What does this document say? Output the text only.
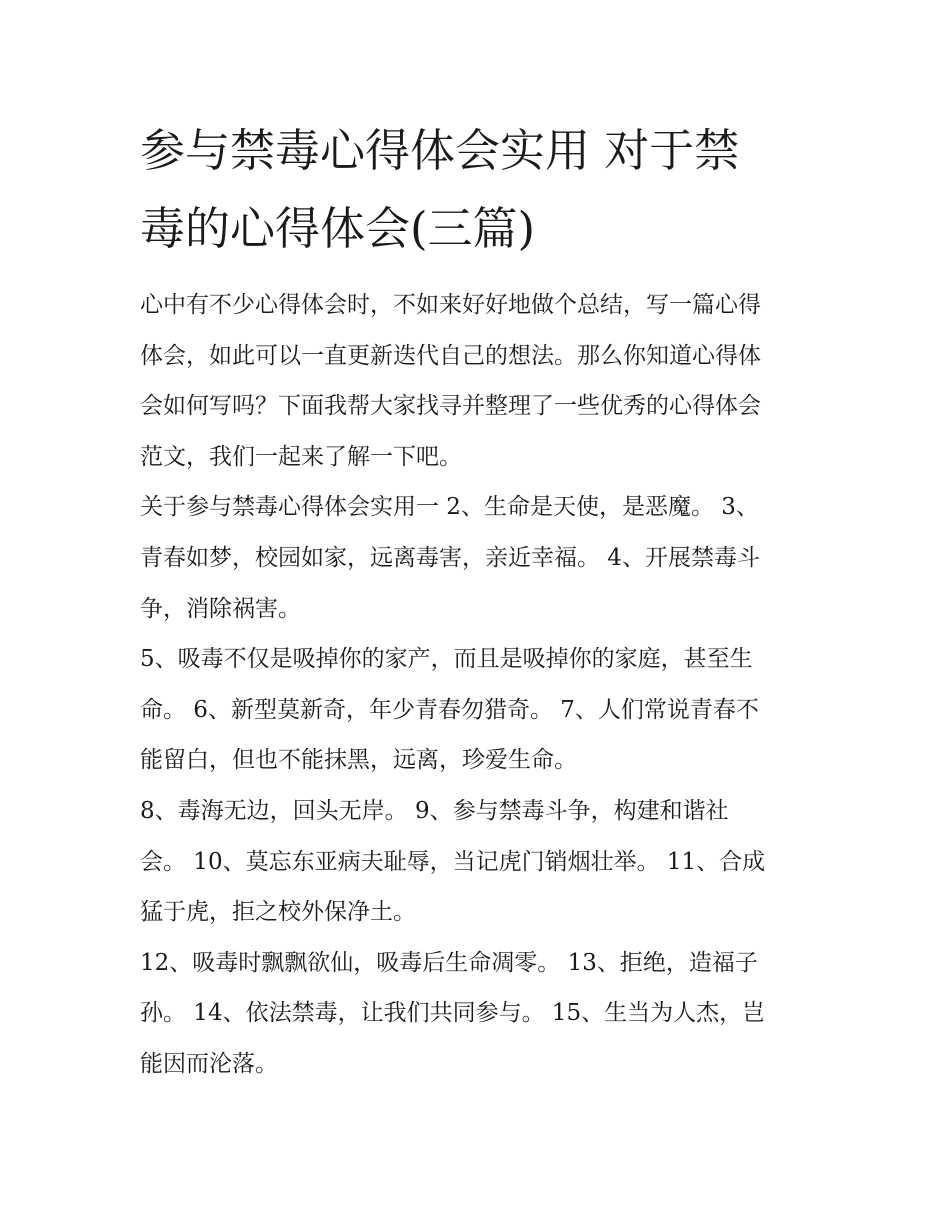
参与禁毒心得体会实用 对于禁
毒的心得体会(三篇)

心中有不少心得体会时，不如来好好地做个总结，写一篇心得
体会，如此可以一直更新迭代自己的想法。那么你知道心得体
会如何写吗？下面我帮大家找寻并整理了一些优秀的心得体会
范文，我们一起来了解一下吧。

关于参与禁毒心得体会实用一 2、生命是天使，是恶魔。 3、
青春如梦，校园如家，远离毒害，亲近幸福。 4、开展禁毒斗
争，消除祸害。

5、吸毒不仅是吸掉你的家产，而且是吸掉你的家庭，甚至生
命。 6、新型莫新奇，年少青春勿猎奇。 7、人们常说青春不
能留白，但也不能抹黑，远离，珍爱生命。

8、毒海无边，回头无岸。 9、参与禁毒斗争，构建和谐社
会。 10、莫忘东亚病夫耻辱，当记虎门销烟壮举。 11、合成
猛于虎，拒之校外保净土。

12、吸毒时飘飘欲仙，吸毒后生命凋零。 13、拒绝，造福子
孙。 14、依法禁毒，让我们共同参与。 15、生当为人杰，岂
能因而沦落。
